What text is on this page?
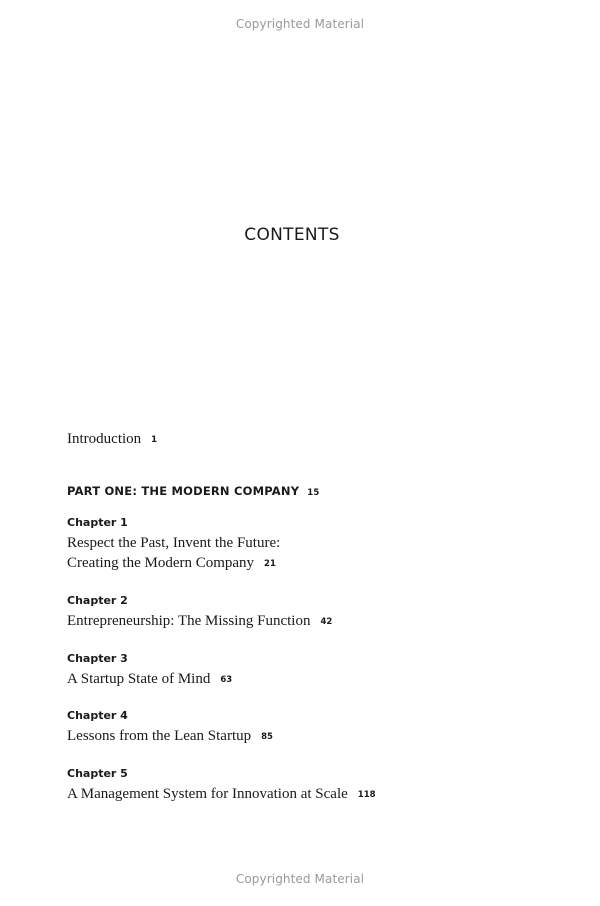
Copyrighted Material
CONTENTS
Introduction 1
PART ONE: THE MODERN COMPANY 15
Chapter 1
Respect the Past, Invent the Future:
Creating the Modern Company 21
Chapter 2
Entrepreneurship: The Missing Function 42
Chapter 3
A Startup State of Mind 63
Chapter 4
Lessons from the Lean Startup 85
Chapter 5
A Management System for Innovation at Scale 118
Copyrighted Material
